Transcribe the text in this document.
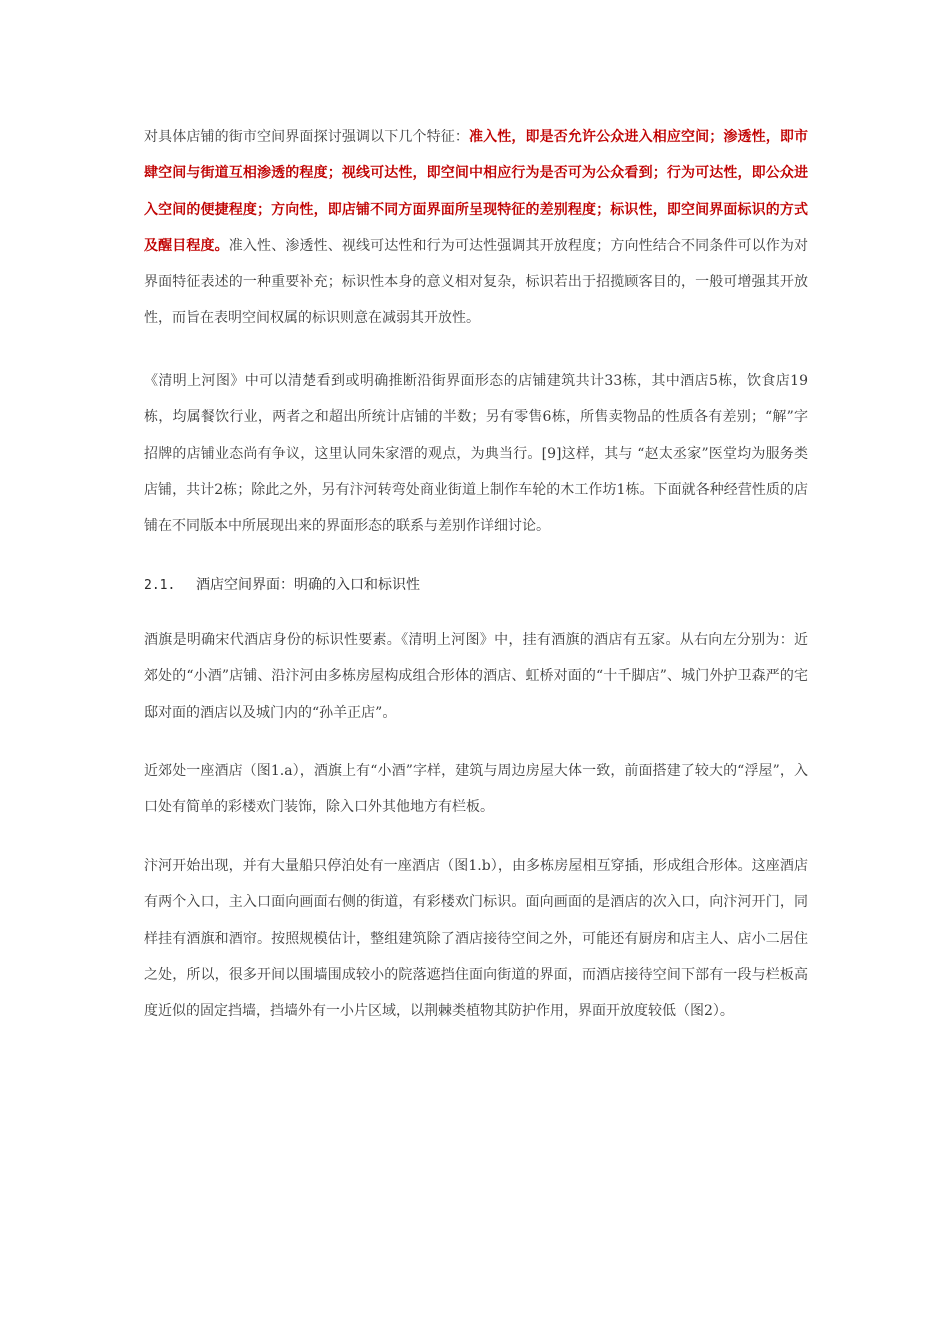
对具体店铺的街市空间界面探讨强调以下几个特征：准入性，即是否允许公众进入相应空间；渗透性，即市肆空间与街道互相渗透的程度；视线可达性，即空间中相应行为是否可为公众看到；行为可达性，即公众进入空间的便捷程度；方向性，即店铺不同方面界面所呈现特征的差别程度；标识性，即空间界面标识的方式及醒目程度。准入性、渗透性、视线可达性和行为可达性强调其开放程度；方向性结合不同条件可以作为对界面特征表述的一种重要补充；标识性本身的意义相对复杂，标识若出于招揽顾客目的，一般可增强其开放性，而旨在表明空间权属的标识则意在减弱其开放性。

《清明上河图》中可以清楚看到或明确推断沿街界面形态的店铺建筑共计33栋，其中酒店5栋，饮食店19栋，均属餐饮行业，两者之和超出所统计店铺的半数；另有零售6栋，所售卖物品的性质各有差别；“解”字招牌的店铺业态尚有争议，这里认同朱家溍的观点，为典当行。[9]这样，其与 “赵太丞家”医堂均为服务类店铺，共计2栋；除此之外，另有汴河转弯处商业街道上制作车轮的木工作坊1栋。下面就各种经营性质的店铺在不同版本中所展现出来的界面形态的联系与差别作详细讨论。

2.1. 酒店空间界面：明确的入口和标识性

酒旗是明确宋代酒店身份的标识性要素。《清明上河图》中，挂有酒旗的酒店有五家。从右向左分别为：近郊处的“小酒”店铺、沿汴河由多栋房屋构成组合形体的酒店、虹桥对面的“十千脚店”、城门外护卫森严的宅邸对面的酒店以及城门内的“孙羊正店”。

近郊处一座酒店（图1.a），酒旗上有“小酒”字样，建筑与周边房屋大体一致，前面搭建了较大的“浮屋”，入口处有简单的彩楼欢门装饰，除入口外其他地方有栏板。

汴河开始出现，并有大量船只停泊处有一座酒店（图1.b），由多栋房屋相互穿插，形成组合形体。这座酒店有两个入口，主入口面向画面右侧的街道，有彩楼欢门标识。面向画面的是酒店的次入口，向汴河开门，同样挂有酒旗和酒帘。按照规模估计，整组建筑除了酒店接待空间之外，可能还有厨房和店主人、店小二居住之处，所以，很多开间以围墙围成较小的院落遮挡住面向街道的界面，而酒店接待空间下部有一段与栏板高度近似的固定挡墙，挡墙外有一小片区域，以荆棘类植物其防护作用，界面开放度较低（图2）。
